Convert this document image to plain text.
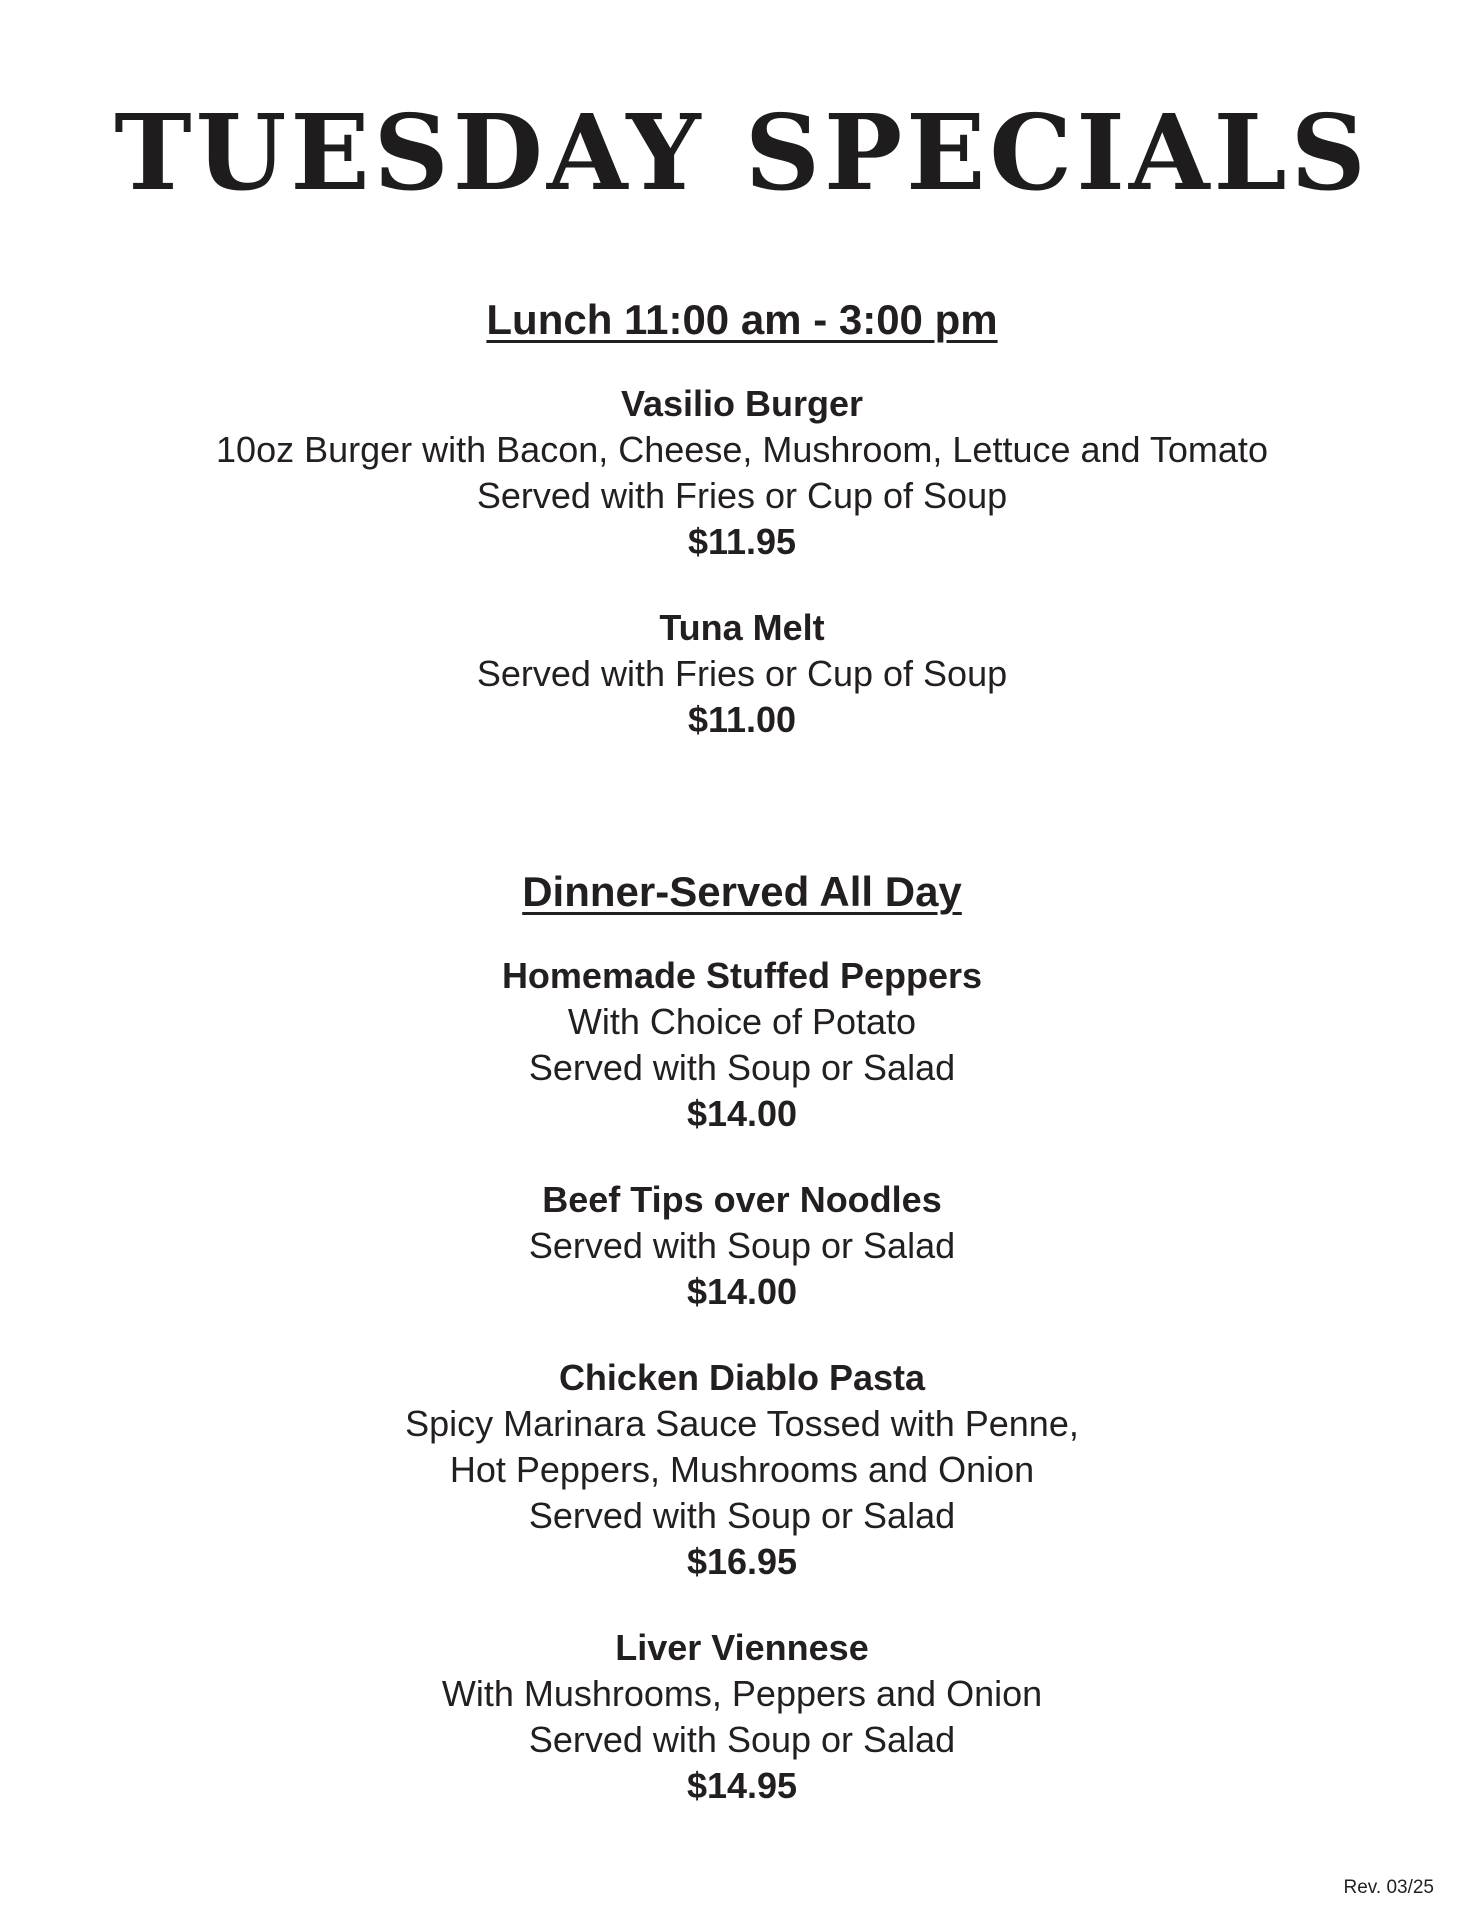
TUESDAY SPECIALS
Lunch 11:00 am - 3:00 pm
Vasilio Burger
10oz Burger with Bacon, Cheese, Mushroom, Lettuce and Tomato
Served with Fries or Cup of Soup
$11.95
Tuna Melt
Served with Fries or Cup of Soup
$11.00
Dinner-Served All Day
Homemade Stuffed Peppers
With Choice of Potato
Served with Soup or Salad
$14.00
Beef Tips over Noodles
Served with Soup or Salad
$14.00
Chicken Diablo Pasta
Spicy Marinara Sauce Tossed with Penne,
Hot Peppers, Mushrooms and Onion
Served with Soup or Salad
$16.95
Liver Viennese
With Mushrooms, Peppers and Onion
Served with Soup or Salad
$14.95
Rev. 03/25
